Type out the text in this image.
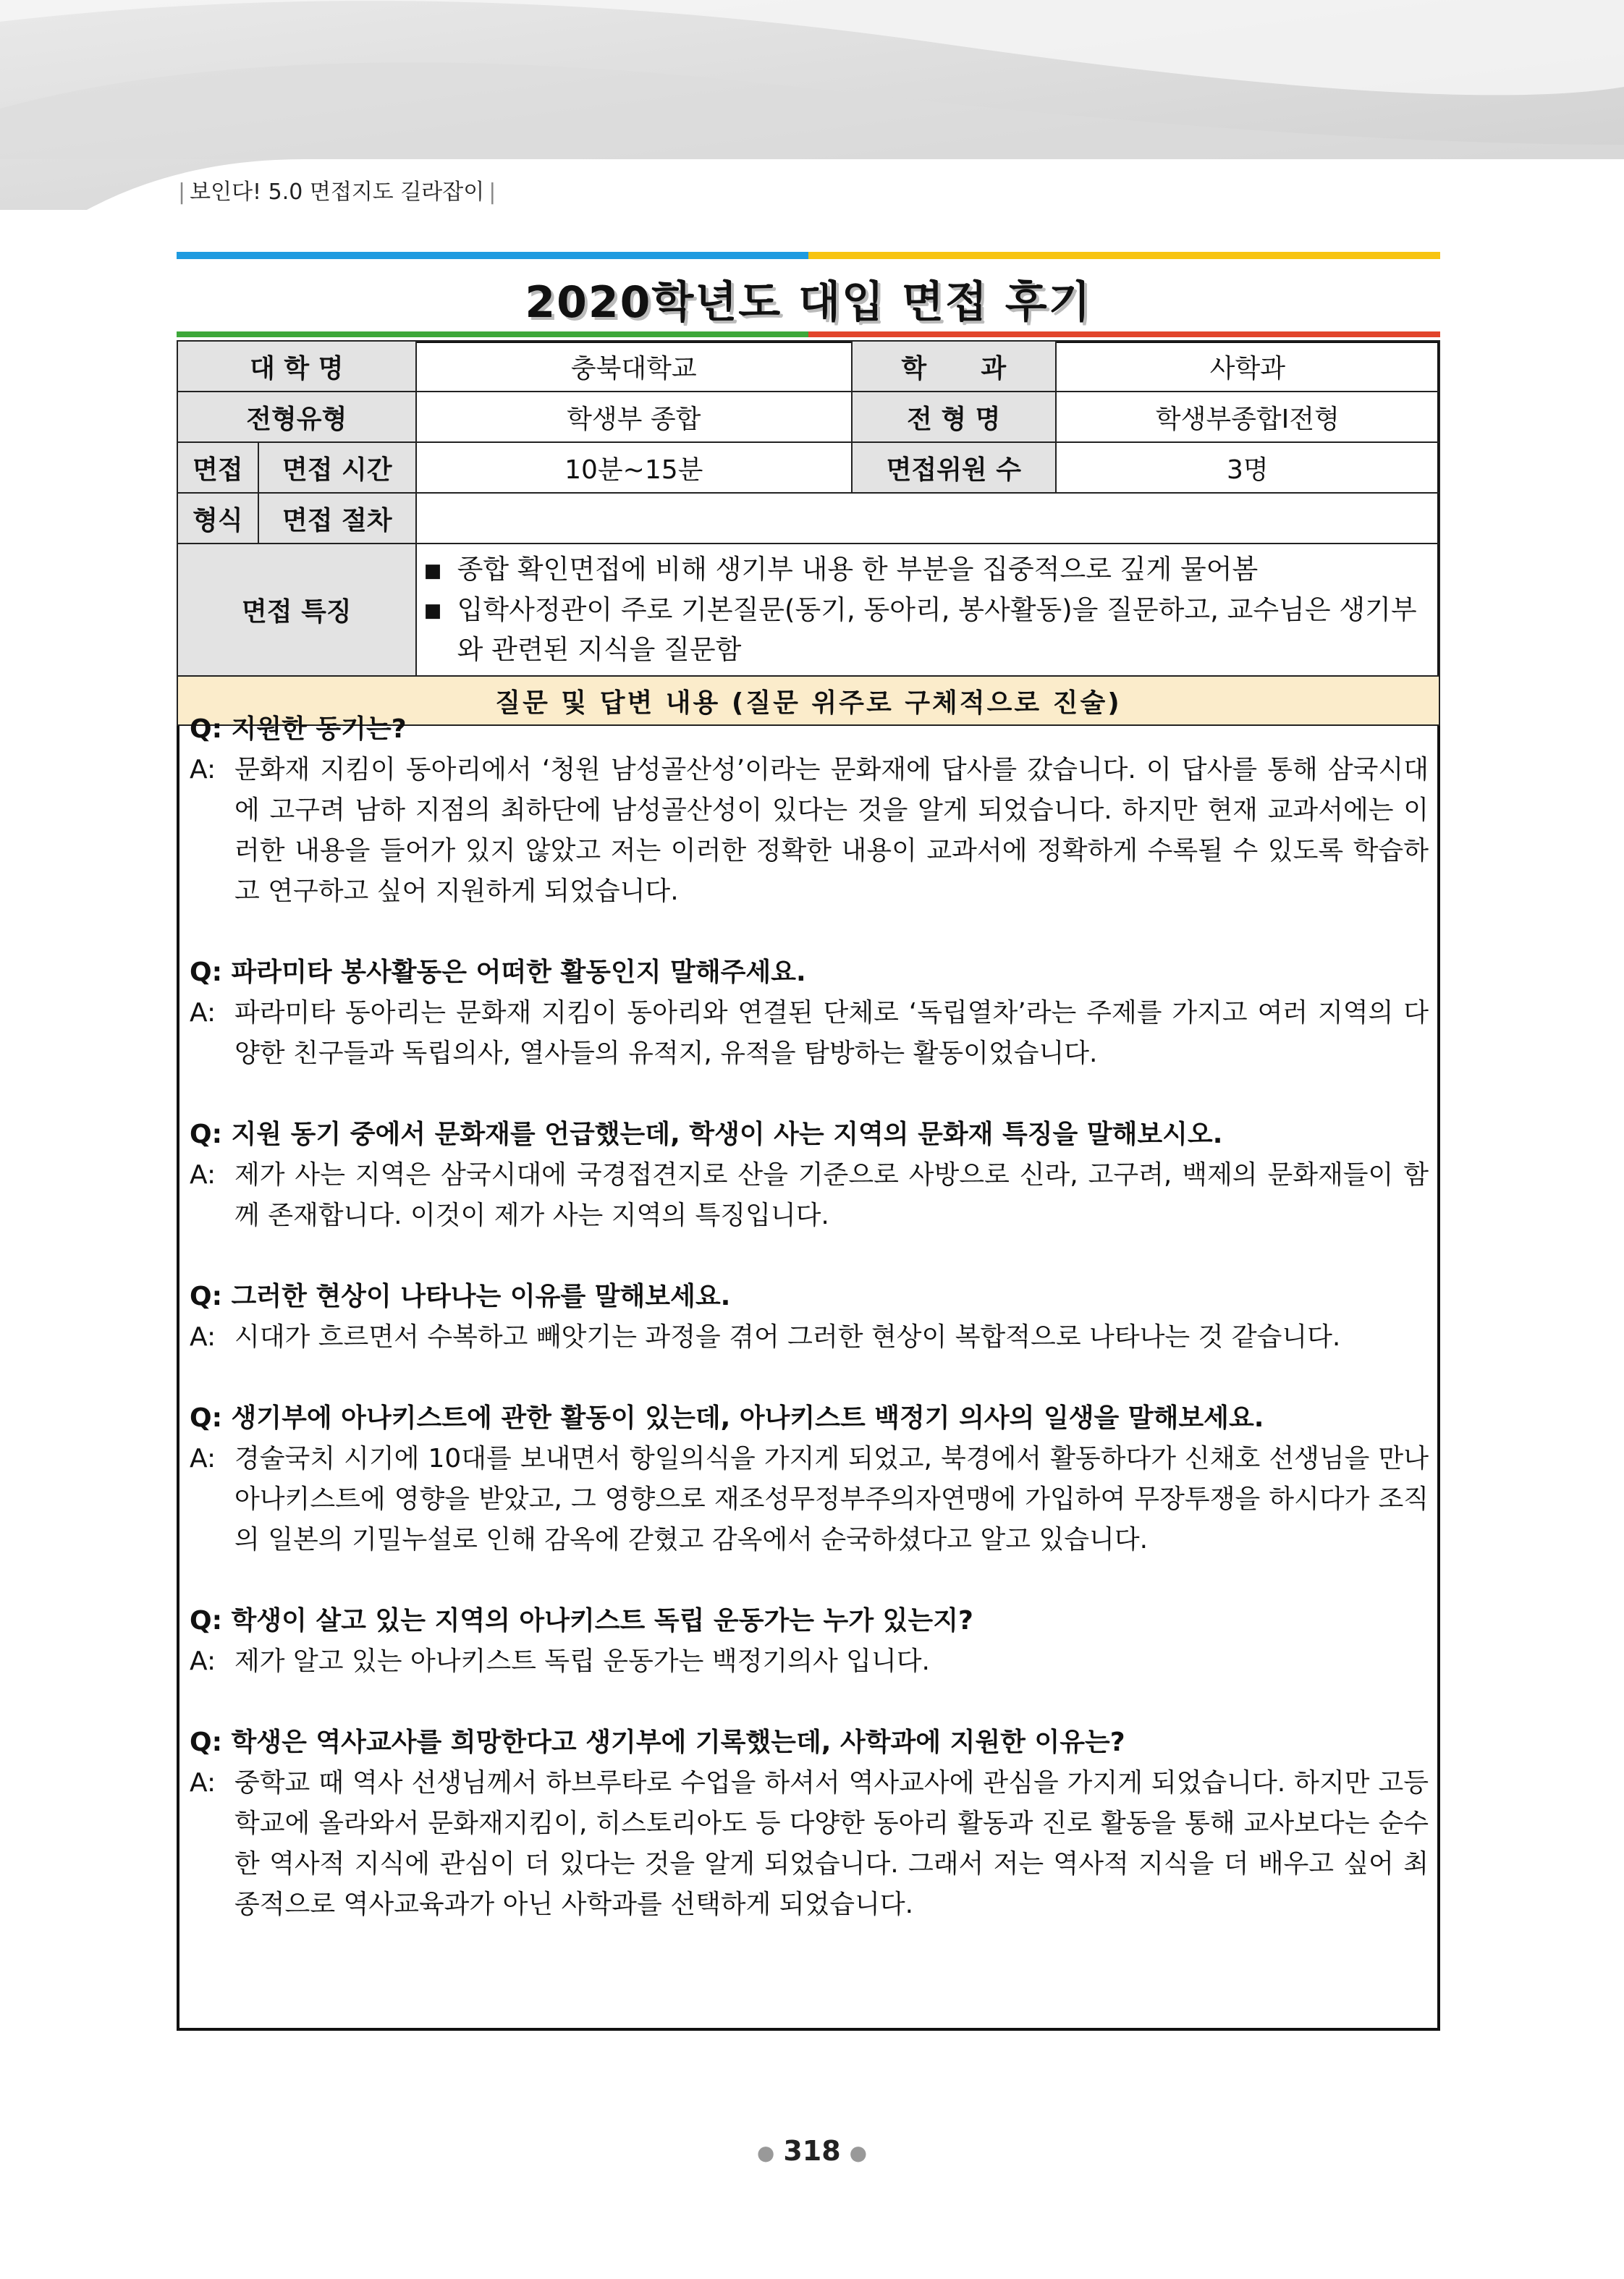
| 보인다! 5.0 면접지도 길라잡이 |
2020학년도 대입 면접 후기
대 학 명		충북대학교	학      과	사학과
전형유형		학생부 종합	전 형 명	학생부종합Ⅰ전형
면접	면접 시간	10분~15분	면접위원 수	3명
형식	면접 절차			
면접 특징		■ 종합 확인면접에 비해 생기부 내용 한 부분을 집중적으로 깊게 물어봄
■ 입학사정관이 주로 기본질문(동기, 동아리, 봉사활동)을 질문하고, 교수님은 생기부와 관련된 지식을 질문함		

질문 및 답변 내용 (질문 위주로 구체적으로 진술)				
Q: 지원한 동기는?
A: 문화재 지킴이 동아리에서 ‘청원 남성골산성’이라는 문화재에 답사를 갔습니다. 이 답사를 통해 삼국시대에 고구려 남하 지점의 최하단에 남성골산성이 있다는 것을 알게 되었습니다. 하지만 현재 교과서에는 이러한 내용을 들어가 있지 않았고 저는 이러한 정확한 내용이 교과서에 정확하게 수록될 수 있도록 학습하고 연구하고 싶어 지원하게 되었습니다.
Q: 파라미타 봉사활동은 어떠한 활동인지 말해주세요.
A: 파라미타 동아리는 문화재 지킴이 동아리와 연결된 단체로 ‘독립열차’라는 주제를 가지고 여러 지역의 다양한 친구들과 독립의사, 열사들의 유적지, 유적을 탐방하는 활동이었습니다.
Q: 지원 동기 중에서 문화재를 언급했는데, 학생이 사는 지역의 문화재 특징을 말해보시오.
A: 제가 사는 지역은 삼국시대에 국경접견지로 산을 기준으로 사방으로 신라, 고구려, 백제의 문화재들이 함께 존재합니다. 이것이 제가 사는 지역의 특징입니다.
Q: 그러한 현상이 나타나는 이유를 말해보세요.
A: 시대가 흐르면서 수복하고 빼앗기는 과정을 겪어 그러한 현상이 복합적으로 나타나는 것 같습니다.
Q: 생기부에 아나키스트에 관한 활동이 있는데, 아나키스트 백정기 의사의 일생을 말해보세요.
A: 경술국치 시기에 10대를 보내면서 항일의식을 가지게 되었고, 북경에서 활동하다가 신채호 선생님을 만나 아나키스트에 영향을 받았고, 그 영향으로 재조성무정부주의자연맹에 가입하여 무장투쟁을 하시다가 조직의 일본의 기밀누설로 인해 감옥에 갇혔고 감옥에서 순국하셨다고 알고 있습니다.
Q: 학생이 살고 있는 지역의 아나키스트 독립 운동가는 누가 있는지?
A: 제가 알고 있는 아나키스트 독립 운동가는 백정기의사 입니다.
Q: 학생은 역사교사를 희망한다고 생기부에 기록했는데, 사학과에 지원한 이유는?
A: 중학교 때 역사 선생님께서 하브루타로 수업을 하셔서 역사교사에 관심을 가지게 되었습니다. 하지만 고등학교에 올라와서 문화재지킴이, 히스토리아도 등 다양한 동아리 활동과 진로 활동을 통해 교사보다는 순수한 역사적 지식에 관심이 더 있다는 것을 알게 되었습니다. 그래서 저는 역사적 지식을 더 배우고 싶어 최종적으로 역사교육과가 아닌 사학과를 선택하게 되었습니다.
● 318 ●
